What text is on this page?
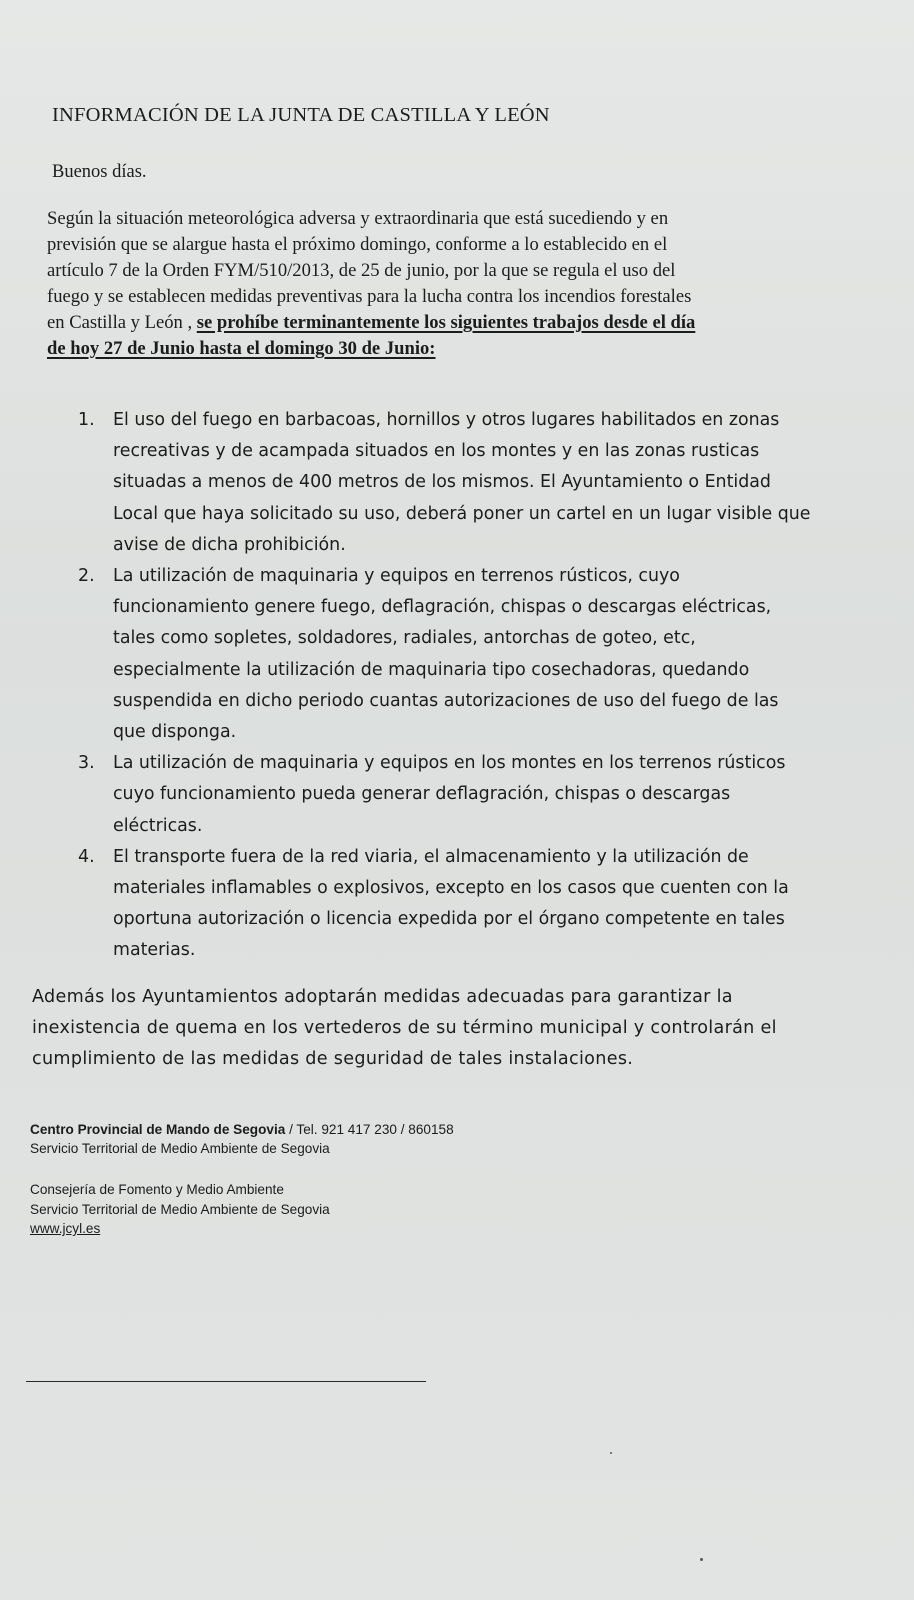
INFORMACIÓN DE LA JUNTA DE CASTILLA Y LEÓN
Buenos días.
Según la situación meteorológica adversa y extraordinaria que está sucediendo y en
previsión que se alargue hasta el próximo domingo, conforme a lo establecido en el
artículo 7 de la Orden FYM/510/2013, de 25 de junio, por la que se regula el uso del
fuego y se establecen medidas preventivas para la lucha contra los incendios forestales
en Castilla y León , se prohíbe terminantemente los siguientes trabajos desde el día
de hoy 27 de Junio hasta el domingo 30 de Junio:
1. El uso del fuego en barbacoas, hornillos y otros lugares habilitados en zonas
recreativas y de acampada situados en los montes y en las zonas rusticas
situadas a menos de 400 metros de los mismos. El Ayuntamiento o Entidad
Local que haya solicitado su uso, deberá poner un cartel en un lugar visible que
avise de dicha prohibición.
2. La utilización de maquinaria y equipos en terrenos rústicos, cuyo
funcionamiento genere fuego, deflagración, chispas o descargas eléctricas,
tales como sopletes, soldadores, radiales, antorchas de goteo, etc,
especialmente la utilización de maquinaria tipo cosechadoras, quedando
suspendida en dicho periodo cuantas autorizaciones de uso del fuego de las
que disponga.
3. La utilización de maquinaria y equipos en los montes en los terrenos rústicos
cuyo funcionamiento pueda generar deflagración, chispas o descargas
eléctricas.
4. El transporte fuera de la red viaria, el almacenamiento y la utilización de
materiales inflamables o explosivos, excepto en los casos que cuenten con la
oportuna autorización o licencia expedida por el órgano competente en tales
materias.
Además los Ayuntamientos adoptarán medidas adecuadas para garantizar la
inexistencia de quema en los vertederos de su término municipal y controlarán el
cumplimiento de las medidas de seguridad de tales instalaciones.
Centro Provincial de Mando de Segovia / Tel. 921 417 230 / 860158
Servicio Territorial de Medio Ambiente de Segovia
Consejería de Fomento y Medio Ambiente
Servicio Territorial de Medio Ambiente de Segovia
www.jcyl.es
